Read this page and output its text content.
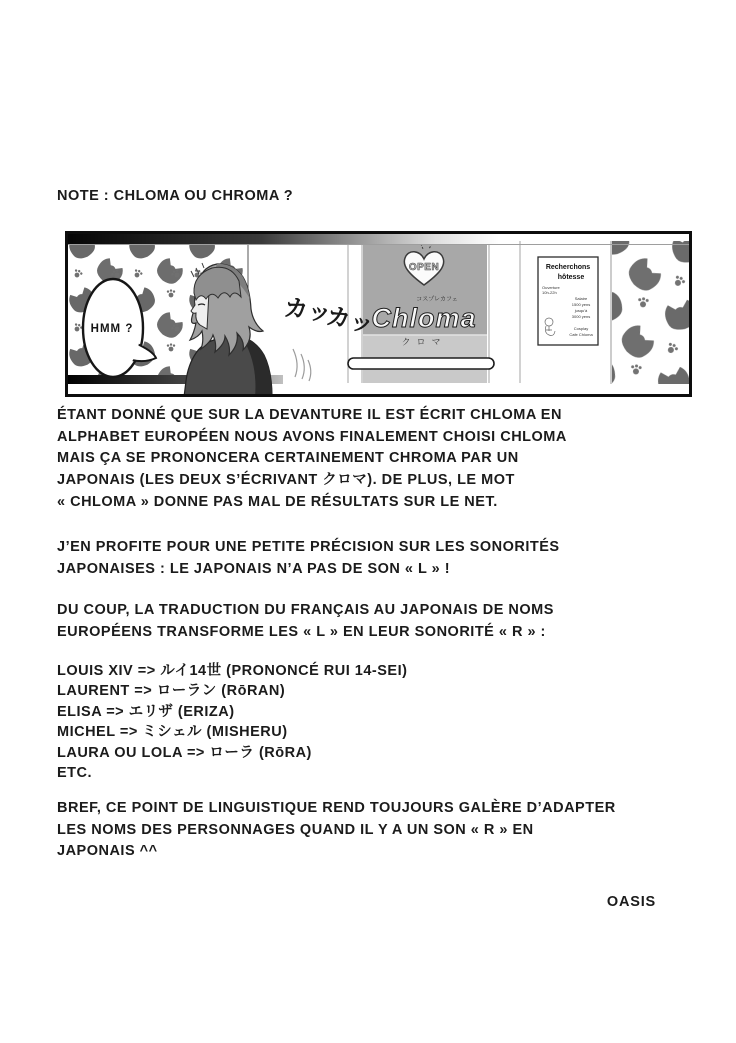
NOTE : CHLOMA OU CHROMA ?
OPEN
コスプレカフェ
Chloma
クロマ
Recherchons
hôtesse
Ouverture
10h-22h
Salaire
1500 yens
jusqu'à
3000 yens
Cosplay
Cafe Chloma
カッ
カッ
HMM ?
ÉTANT DONNÉ QUE SUR LA DEVANTURE IL EST ÉCRIT CHLOMA EN
ALPHABET EUROPÉEN NOUS AVONS FINALEMENT CHOISI CHLOMA
MAIS ÇA SE PRONONCERA CERTAINEMENT CHROMA PAR UN
JAPONAIS (LES DEUX S’ÉCRIVANT クロマ). DE PLUS, LE MOT
« CHLOMA » DONNE PAS MAL DE RÉSULTATS SUR LE NET.
J’EN PROFITE POUR UNE PETITE PRÉCISION SUR LES SONORITÉS
JAPONAISES : LE JAPONAIS N’A PAS DE SON « L » !
DU COUP, LA TRADUCTION DU FRANÇAIS AU JAPONAIS DE NOMS
EUROPÉENS TRANSFORME LES « L » EN LEUR SONORITÉ « R » :
LOUIS XIV => ルイ14世 (PRONONCÉ RUI 14-SEI)
LAURENT => ローラン (RōRAN)
ELISA => エリザ (ERIZA)
MICHEL => ミシェル (MISHERU)
LAURA OU LOLA => ローラ (RōRA)
ETC.
BREF, CE POINT DE LINGUISTIQUE REND TOUJOURS GALÈRE D’ADAPTER
LES NOMS DES PERSONNAGES QUAND IL Y A UN SON « R » EN
JAPONAIS ^^
OASIS
